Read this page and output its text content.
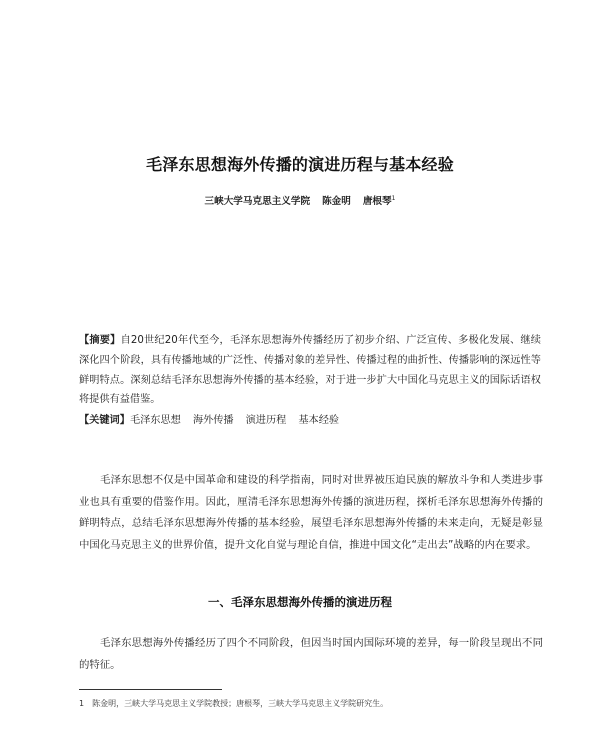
毛泽东思想海外传播的演进历程与基本经验
三峡大学马克思主义学院 陈金明 唐根琴$^1$
【摘要】自20世纪20年代至今，毛泽东思想海外传播经历了初步介绍、广泛宣传、多极化发展、继续深化四个阶段，具有传播地域的广泛性、传播对象的差异性、传播过程的曲折性、传播影响的深远性等鲜明特点。深刻总结毛泽东思想海外传播的基本经验，对于进一步扩大中国化马克思主义的国际话语权将提供有益借鉴。
【关键词】毛泽东思想 海外传播 演进历程 基本经验
毛泽东思想不仅是中国革命和建设的科学指南，同时对世界被压迫民族的解放斗争和人类进步事业也具有重要的借鉴作用。因此，厘清毛泽东思想海外传播的演进历程，探析毛泽东思想海外传播的鲜明特点，总结毛泽东思想海外传播的基本经验，展望毛泽东思想海外传播的未来走向，无疑是彰显中国化马克思主义的世界价值，提升文化自觉与理论自信，推进中国文化“走出去”战略的内在要求。
一、毛泽东思想海外传播的演进历程
毛泽东思想海外传播经历了四个不同阶段，但因当时国内国际环境的差异，每一阶段呈现出不同的特征。
1 陈金明，三峡大学马克思主义学院教授；唐根琴，三峡大学马克思主义学院研究生。
